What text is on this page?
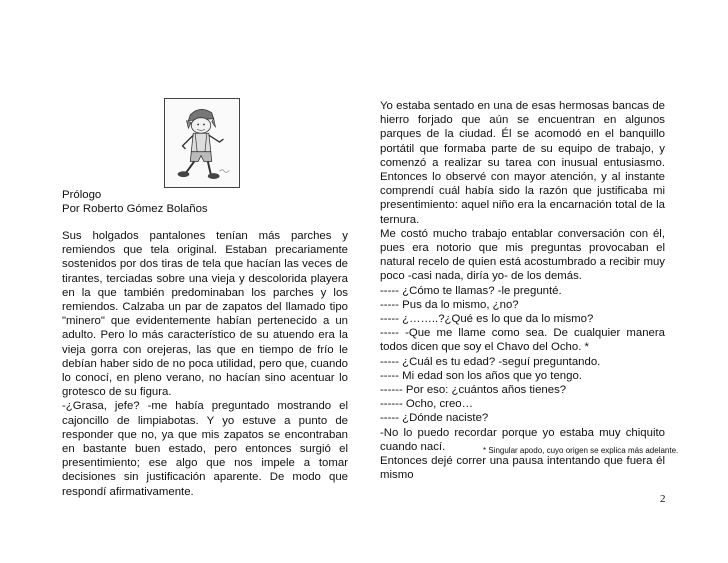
Prólogo
Por Roberto Gómez Bolaños
Sus holgados pantalones tenían más parches y remiendos que tela original. Estaban precariamente sostenidos por dos tiras de tela que hacían las veces de tirantes, terciadas sobre una vieja y descolorida playera en la que también predominaban los parches y los remiendos. Calzaba un par de zapatos del llamado tipo "minero" que evidentemente habían pertenecido a un adulto. Pero lo más característico de su atuendo era la vieja gorra con orejeras, las que en tiempo de frío le debían haber sido de no poca utilidad, pero que, cuando lo conocí, en pleno verano, no hacían sino acentuar lo grotesco de su figura.
-¿Grasa, jefe? -me había preguntado mostrando el cajoncillo de limpiabotas. Y yo estuve a punto de responder que no, ya que mis zapatos se encontraban en bastante buen estado, pero entonces surgió el presentimiento; ese algo que nos impele a tomar decisiones sin justificación aparente. De modo que respondí afirmativamente.
Yo estaba sentado en una de esas hermosas bancas de hierro forjado que aún se encuentran en algunos parques de la ciudad. Él se acomodó en el banquillo portátil que formaba parte de su equipo de trabajo, y comenzó a realizar su tarea con inusual entusiasmo. Entonces lo observé con mayor atención, y al instante comprendí cuál había sido la razón que justificaba mi presentimiento: aquel niño era la encarnación total de la ternura.
Me costó mucho trabajo entablar conversación con él, pues era notorio que mis preguntas provocaban el natural recelo de quien está acostumbrado a recibir muy poco -casi nada, diría yo- de los demás.
----- ¿Cómo te llamas? -le pregunté.
----- Pus da lo mismo, ¿no?
----- ¿……..?¿Qué es lo que da lo mismo?
----- -Que me llame como sea. De cualquier manera todos dicen que soy el Chavo del Ocho. *
----- ¿Cuál es tu edad? -seguí preguntando.
----- Mi edad son los años que yo tengo.
------ Por eso: ¿cuántos años tienes?
------ Ocho, creo…
----- ¿Dónde naciste?
-No lo puedo recordar porque yo estaba muy chiquito cuando nací.
Entonces dejé correr una pausa intentando que fuera él mismo
* Singular apodo, cuyo origen se explica más adelante.
2
